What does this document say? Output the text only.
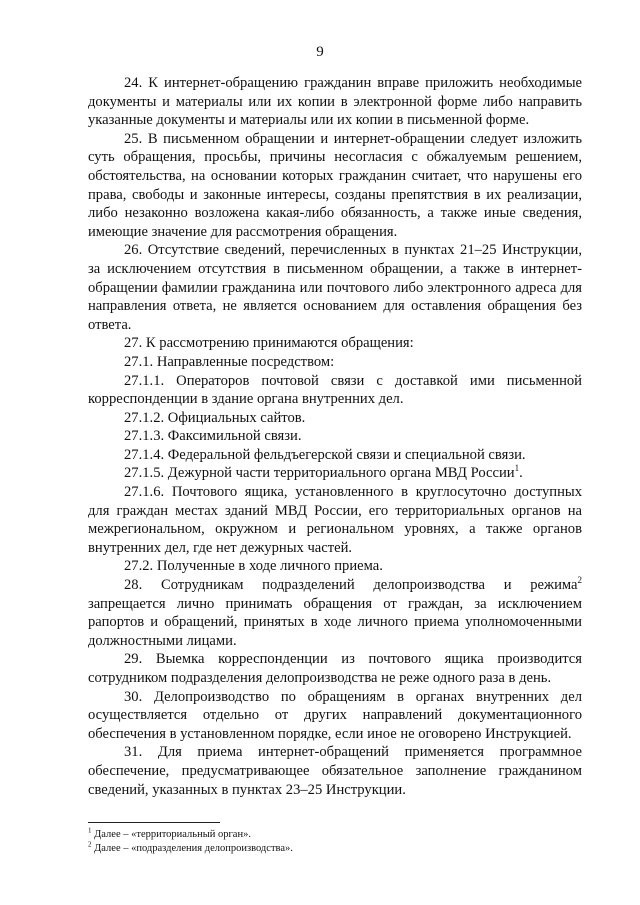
9

24. К интернет-обращению гражданин вправе приложить необходимые документы и материалы или их копии в электронной форме либо направить указанные документы и материалы или их копии в письменной форме.

25. В письменном обращении и интернет-обращении следует изложить суть обращения, просьбы, причины несогласия с обжалуемым решением, обстоятельства, на основании которых гражданин считает, что нарушены его права, свободы и законные интересы, созданы препятствия в их реализации, либо незаконно возложена какая-либо обязанность, а также иные сведения, имеющие значение для рассмотрения обращения.

26. Отсутствие сведений, перечисленных в пунктах 21–25 Инструкции, за исключением отсутствия в письменном обращении, а также в интернет-обращении фамилии гражданина или почтового либо электронного адреса для направления ответа, не является основанием для оставления обращения без ответа.

27. К рассмотрению принимаются обращения:

27.1. Направленные посредством:

27.1.1. Операторов почтовой связи с доставкой ими письменной корреспонденции в здание органа внутренних дел.

27.1.2. Официальных сайтов.

27.1.3. Факсимильной связи.

27.1.4. Федеральной фельдъегерской связи и специальной связи.

27.1.5. Дежурной части территориального органа МВД России$^1$.

27.1.6. Почтового ящика, установленного в круглосуточно доступных для граждан местах зданий МВД России, его территориальных органов на межрегиональном, окружном и региональном уровнях, а также органов внутренних дел, где нет дежурных частей.

27.2. Полученные в ходе личного приема.

28. Сотрудникам подразделений делопроизводства и режима$^2$ запрещается лично принимать обращения от граждан, за исключением рапортов и обращений, принятых в ходе личного приема уполномоченными должностными лицами.

29. Выемка корреспонденции из почтового ящика производится сотрудником подразделения делопроизводства не реже одного раза в день.

30. Делопроизводство по обращениям в органах внутренних дел осуществляется отдельно от других направлений документационного обеспечения в установленном порядке, если иное не оговорено Инструкцией.

31. Для приема интернет-обращений применяется программное обеспечение, предусматривающее обязательное заполнение гражданином сведений, указанных в пунктах 23–25 Инструкции.

$^1$ Далее – «территориальный орган».

$^2$ Далее – «подразделения делопроизводства».
